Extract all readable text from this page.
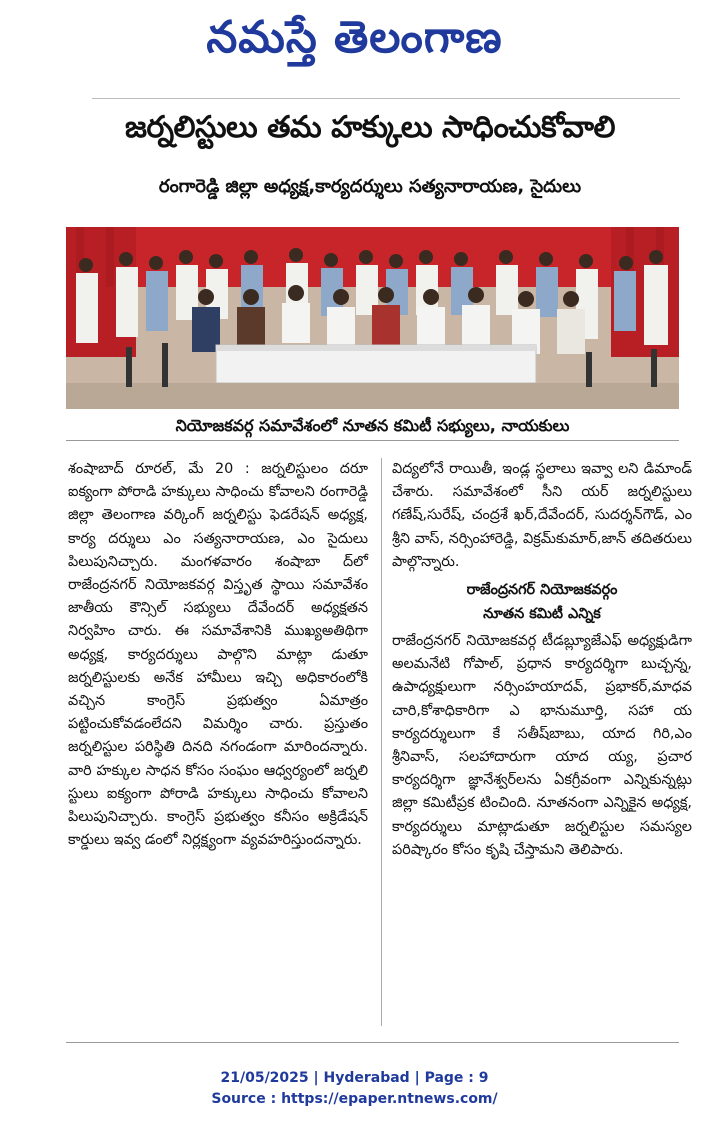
నమస్తే తెలంగాణ
జర్నలిస్టులు తమ హక్కులు సాధించుకోవాలి
రంగారెడ్డి జిల్లా అధ్యక్ష,కార్యదర్శులు సత్యనారాయణ, సైదులు
నియోజకవర్గ సమావేశంలో నూతన కమిటీ సభ్యులు, నాయకులు

శంషాబాద్ రూరల్, మే 20 : జర్నలిస్టులం దరూ ఐక్యంగా పోరాడి హక్కులు సాధించు కోవాలని రంగారెడ్డి జిల్లా తెలంగాణ వర్కింగ్ జర్నలిస్టు ఫెడరేషన్ అధ్యక్ష, కార్య దర్శులు ఎం సత్యనారాయణ, ఎం సైదులు పిలుపునిచ్చారు. మంగళవారం శంషాబా ద్‌లో రాజేంద్రనగర్ నియోజకవర్గ విస్తృత స్థాయి సమావేశం జాతీయ కౌన్సిల్ సభ్యులు దేవేందర్ అధ్యక్షతన నిర్వహిం చారు. ఈ సమావేశానికి ముఖ్యఅతిథిగా అధ్యక్ష, కార్యదర్శులు పాల్గొని మాట్లా డుతూ జర్నలిస్టులకు అనేక హామీలు ఇచ్చి అధికారంలోకి వచ్చిన కాంగ్రెస్ ప్రభుత్వం ఏమాత్రం పట్టించుకోవడంలేదని విమర్శిం చారు. ప్రస్తుతం జర్నలిస్టుల పరిస్థితి దినది నగండంగా మారిందన్నారు. వారి హక్కుల సాధన కోసం సంఘం ఆధ్వర్యంలో జర్నలి స్టులు ఐక్యంగా పోరాడి హక్కులు సాధించు కోవాలని పిలుపునిచ్చారు. కాంగ్రెస్ ప్రభుత్వం కనీసం అక్రిడేషన్ కార్డులు ఇవ్వ డంలో నిర్లక్ష్యంగా వ్యవహరిస్తుందన్నారు.

విద్యలోనే రాయితీ, ఇండ్ల స్థలాలు ఇవ్వా లని డిమాండ్ చేశారు. సమావేశంలో సీని యర్ జర్నలిస్టులు గణేష్,సురేష్, చంద్రశే ఖర్,దేవేందర్, సుదర్శన్‌గౌడ్, ఎం శ్రీని వాస్, నర్సింహారెడ్డి, విక్రమ్‌కుమార్,జాన్ తదితరులు పాల్గొన్నారు.

రాజేంద్రనగర్ నియోజకవర్గం
నూతన కమిటీ ఎన్నిక

రాజేంద్రనగర్ నియోజకవర్గ టీడబ్ల్యూజేఎఫ్ అధ్యక్షుడిగా అలమనేటి గోపాల్, ప్రధాన కార్యదర్శిగా బుచ్చన్న, ఉపాధ్యక్షులుగా నర్సింహయాదవ్, ప్రభాకర్,మాధవ చారి,కోశాధికారిగా ఎ భానుమూర్తి, సహా య కార్యదర్శులుగా కే సతీష్‌బాబు, యాద గిరి,ఎం శ్రీనివాస్, సలహాదారుగా యాద య్య, ప్రచార కార్యదర్శిగా జ్ఞానేశ్వర్‌లను ఏకగ్రీవంగా ఎన్నికున్నట్లు జిల్లా కమిటీప్రక టించింది. నూతనంగా ఎన్నికైన అధ్యక్ష, కార్యదర్శులు మాట్లాడుతూ జర్నలిస్టుల సమస్యల పరిష్కారం కోసం కృషి చేస్తామని తెలిపారు.

21/05/2025 | Hyderabad | Page : 9
Source : https://epaper.ntnews.com/
